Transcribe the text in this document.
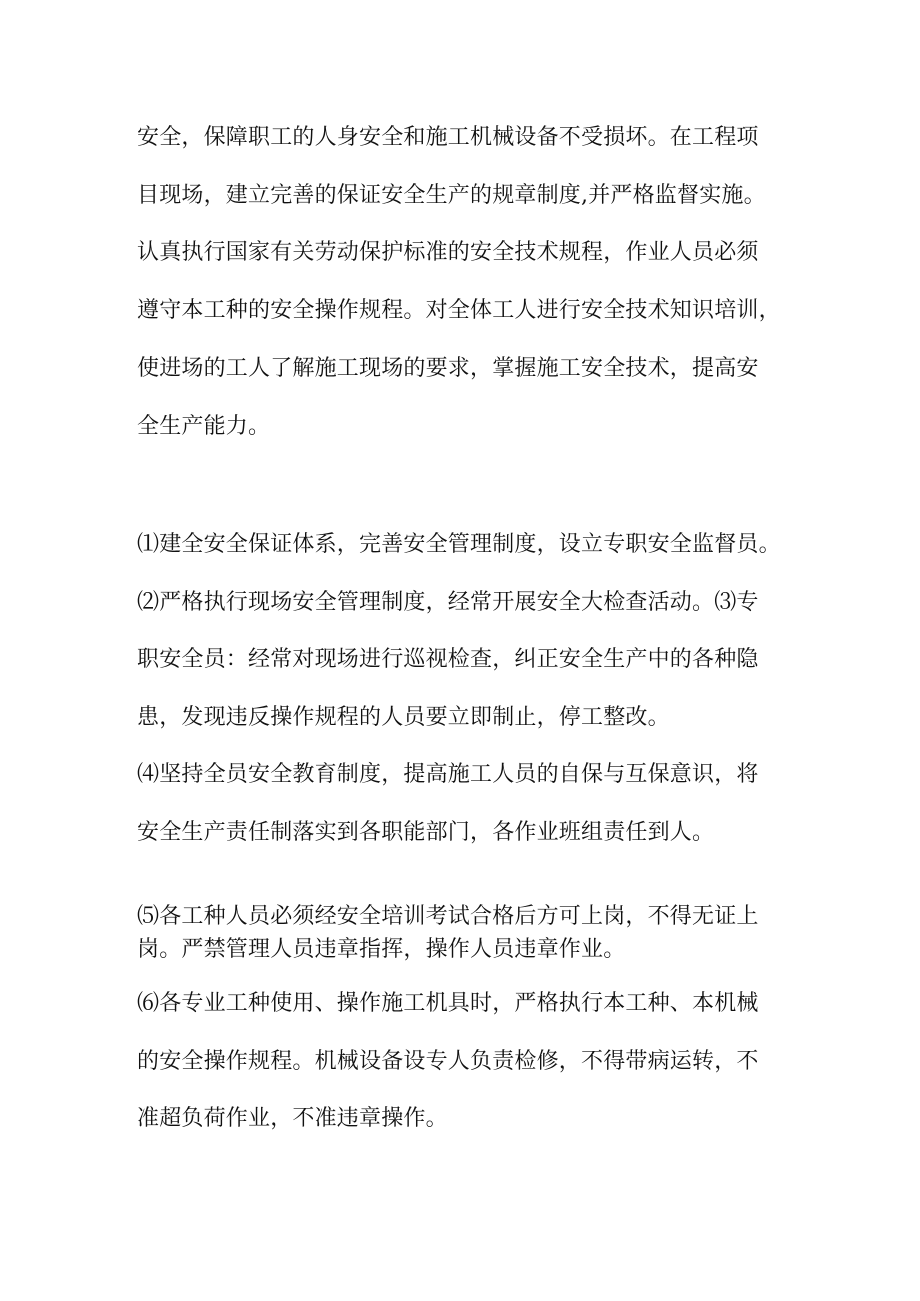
安全，保障职工的人身安全和施工机械设备不受损坏。在工程项
目现场，建立完善的保证安全生产的规章制度,并严格监督实施。
认真执行国家有关劳动保护标准的安全技术规程，作业人员必须
遵守本工种的安全操作规程。对全体工人进行安全技术知识培训，
使进场的工人了解施工现场的要求，掌握施工安全技术，提高安
全生产能力。
⑴建全安全保证体系，完善安全管理制度，设立专职安全监督员。
⑵严格执行现场安全管理制度，经常开展安全大检查活动。⑶专
职安全员：经常对现场进行巡视检查，纠正安全生产中的各种隐
患，发现违反操作规程的人员要立即制止，停工整改。
⑷坚持全员安全教育制度，提高施工人员的自保与互保意识，将
安全生产责任制落实到各职能部门，各作业班组责任到人。
⑸各工种人员必须经安全培训考试合格后方可上岗，不得无证上
岗。严禁管理人员违章指挥，操作人员违章作业。
⑹各专业工种使用、操作施工机具时，严格执行本工种、本机械
的安全操作规程。机械设备设专人负责检修，不得带病运转，不
准超负荷作业，不准违章操作。
